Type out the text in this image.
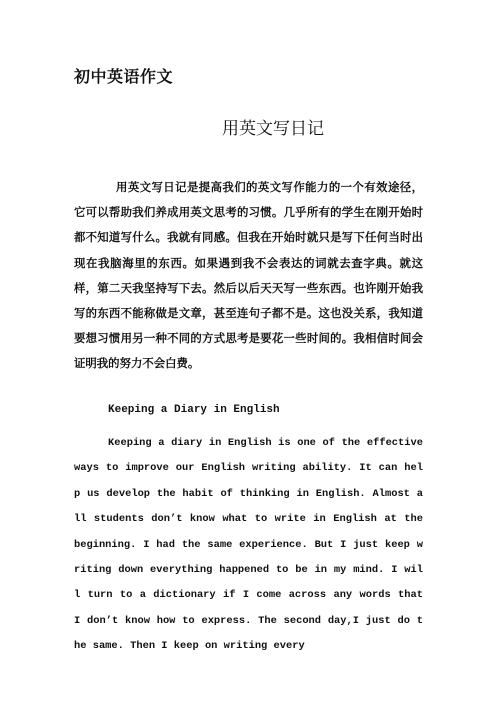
初中英语作文
用英文写日记

用英文写日记是提高我们的英文写作能力的一个有效途径，它可以帮助我们养成用英文思考的习惯。几乎所有的学生在刚开始时都不知道写什么。我就有同感。但我在开始时就只是写下任何当时出现在我脑海里的东西。如果遇到我不会表达的词就去查字典。就这样，第二天我坚持写下去。然后以后天天写一些东西。也许刚开始我写的东西不能称做是文章，甚至连句子都不是。这也没关系，我知道要想习惯用另一种不同的方式思考是要花一些时间的。我相信时间会证明我的努力不会白费。

Keeping a Diary in English

Keeping a diary in English is one of the effective ways to improve our English writing ability. It can help us develop the habit of thinking in English. Almost all students don’t know what to write in English at the beginning. I had the same experience. But I just keep writing down everything happened to be in my mind. I will turn to a dictionary if I come across any words that I don’t know how to express. The second day,I just do the same. Then I keep on writing every
